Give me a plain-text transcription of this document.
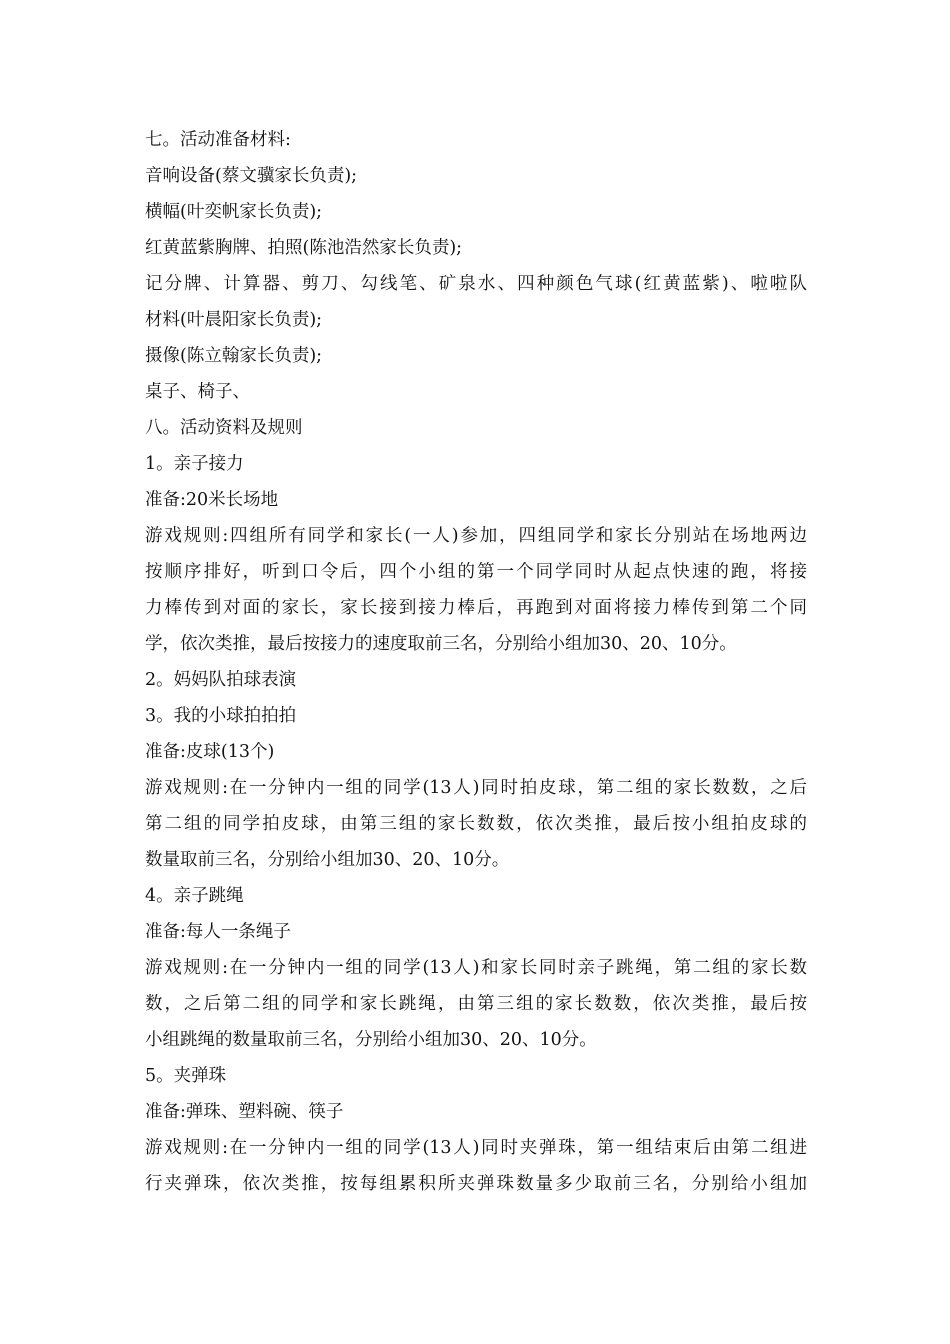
七。活动准备材料:
音响设备(蔡文骥家长负责);
横幅(叶奕帆家长负责);
红黄蓝紫胸牌、拍照(陈池浩然家长负责);
记分牌、计算器、剪刀、勾线笔、矿泉水、四种颜色气球(红黄蓝紫)、啦啦队
材料(叶晨阳家长负责);
摄像(陈立翰家长负责);
桌子、椅子、
八。活动资料及规则
1。亲子接力
准备:20米长场地
游戏规则:四组所有同学和家长(一人)参加，四组同学和家长分别站在场地两边
按顺序排好，听到口令后，四个小组的第一个同学同时从起点快速的跑，将接
力棒传到对面的家长，家长接到接力棒后，再跑到对面将接力棒传到第二个同
学，依次类推，最后按接力的速度取前三名，分别给小组加30、20、10分。
2。妈妈队拍球表演
3。我的小球拍拍拍
准备:皮球(13个)
游戏规则:在一分钟内一组的同学(13人)同时拍皮球，第二组的家长数数，之后
第二组的同学拍皮球，由第三组的家长数数，依次类推，最后按小组拍皮球的
数量取前三名，分别给小组加30、20、10分。
4。亲子跳绳
准备:每人一条绳子
游戏规则:在一分钟内一组的同学(13人)和家长同时亲子跳绳，第二组的家长数
数，之后第二组的同学和家长跳绳，由第三组的家长数数，依次类推，最后按
小组跳绳的数量取前三名，分别给小组加30、20、10分。
5。夹弹珠
准备:弹珠、塑料碗、筷子
游戏规则:在一分钟内一组的同学(13人)同时夹弹珠，第一组结束后由第二组进
行夹弹珠，依次类推，按每组累积所夹弹珠数量多少取前三名，分别给小组加
